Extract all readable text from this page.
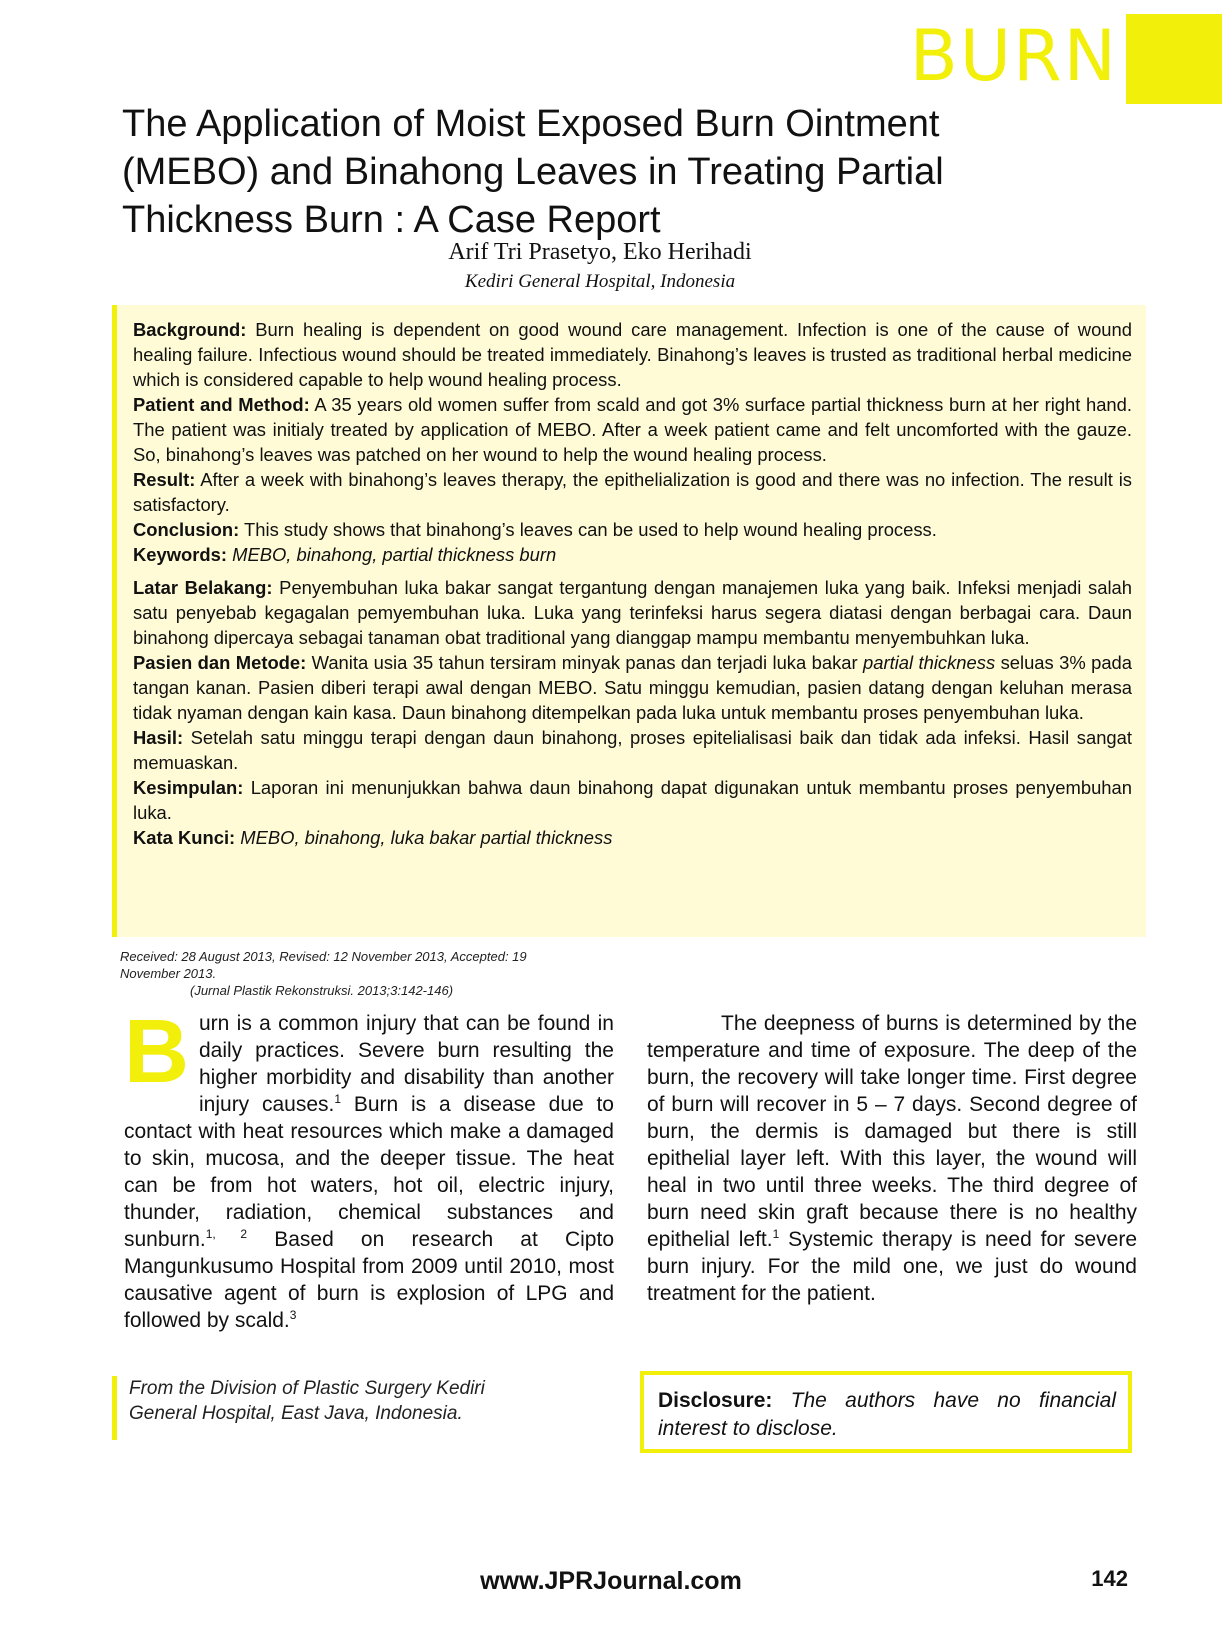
BURN
The Application of Moist Exposed Burn Ointment (MEBO) and Binahong Leaves in Treating Partial Thickness Burn : A Case Report
Arif Tri Prasetyo, Eko Herihadi
Kediri General Hospital, Indonesia

Background: Burn healing is dependent on good wound care management. Infection is one of the cause of wound healing failure. Infectious wound should be treated immediately. Binahong’s leaves is trusted as traditional herbal medicine which is considered capable to help wound healing process.

Patient and Method: A 35 years old women suffer from scald and got 3% surface partial thickness burn at her right hand. The patient was initialy treated by application of MEBO. After a week patient came and felt uncomforted with the gauze. So, binahong’s leaves was patched on her wound to help the wound healing process.

Result: After a week with binahong’s leaves therapy, the epithelialization is good and there was no infection. The result is satisfactory.

Conclusion: This study shows that binahong’s leaves can be used to help wound healing process.

Keywords: MEBO, binahong, partial thickness burn

Latar Belakang: Penyembuhan luka bakar sangat tergantung dengan manajemen luka yang baik. Infeksi menjadi salah satu penyebab kegagalan pemyembuhan luka. Luka yang terinfeksi harus segera diatasi dengan berbagai cara. Daun binahong dipercaya sebagai tanaman obat traditional yang dianggap mampu membantu menyembuhkan luka.

Pasien dan Metode: Wanita usia 35 tahun tersiram minyak panas dan terjadi luka bakar partial thickness seluas 3% pada tangan kanan. Pasien diberi terapi awal dengan MEBO. Satu minggu kemudian, pasien datang dengan keluhan merasa tidak nyaman dengan kain kasa. Daun binahong ditempelkan pada luka untuk membantu proses penyembuhan luka.

Hasil: Setelah satu minggu terapi dengan daun binahong, proses epitelialisasi baik dan tidak ada infeksi. Hasil sangat memuaskan.

Kesimpulan: Laporan ini menunjukkan bahwa daun binahong dapat digunakan untuk membantu proses penyembuhan luka.

Kata Kunci: MEBO, binahong, luka bakar partial thickness

Received: 28 August 2013, Revised: 12 November 2013, Accepted: 19 November 2013.
(Jurnal Plastik Rekonstruksi. 2013;3:142-146)

Burn is a common injury that can be found in daily practices. Severe burn resulting the higher morbidity and disability than another injury causes.$^1$ Burn is a disease due to contact with heat resources which make a damaged to skin, mucosa, and the deeper tissue. The heat can be from hot waters, hot oil, electric injury, thunder, radiation, chemical substances and sunburn.$^{1, 2}$ Based on research at Cipto Mangunkusumo Hospital from 2009 until 2010, most causative agent of burn is explosion of LPG and followed by scald.$^3$

The deepness of burns is determined by the temperature and time of exposure. The deep of the burn, the recovery will take longer time. First degree of burn will recover in 5 – 7 days. Second degree of burn, the dermis is damaged but there is still epithelial layer left. With this layer, the wound will heal in two until three weeks. The third degree of burn need skin graft because there is no healthy epithelial left.$^1$ Systemic therapy is need for severe burn injury. For the mild one, we just do wound treatment for the patient.

From the Division of Plastic Surgery Kediri General Hospital, East Java, Indonesia.
Disclosure: The authors have no financial interest to disclose.
www.JPRJournal.com	142
